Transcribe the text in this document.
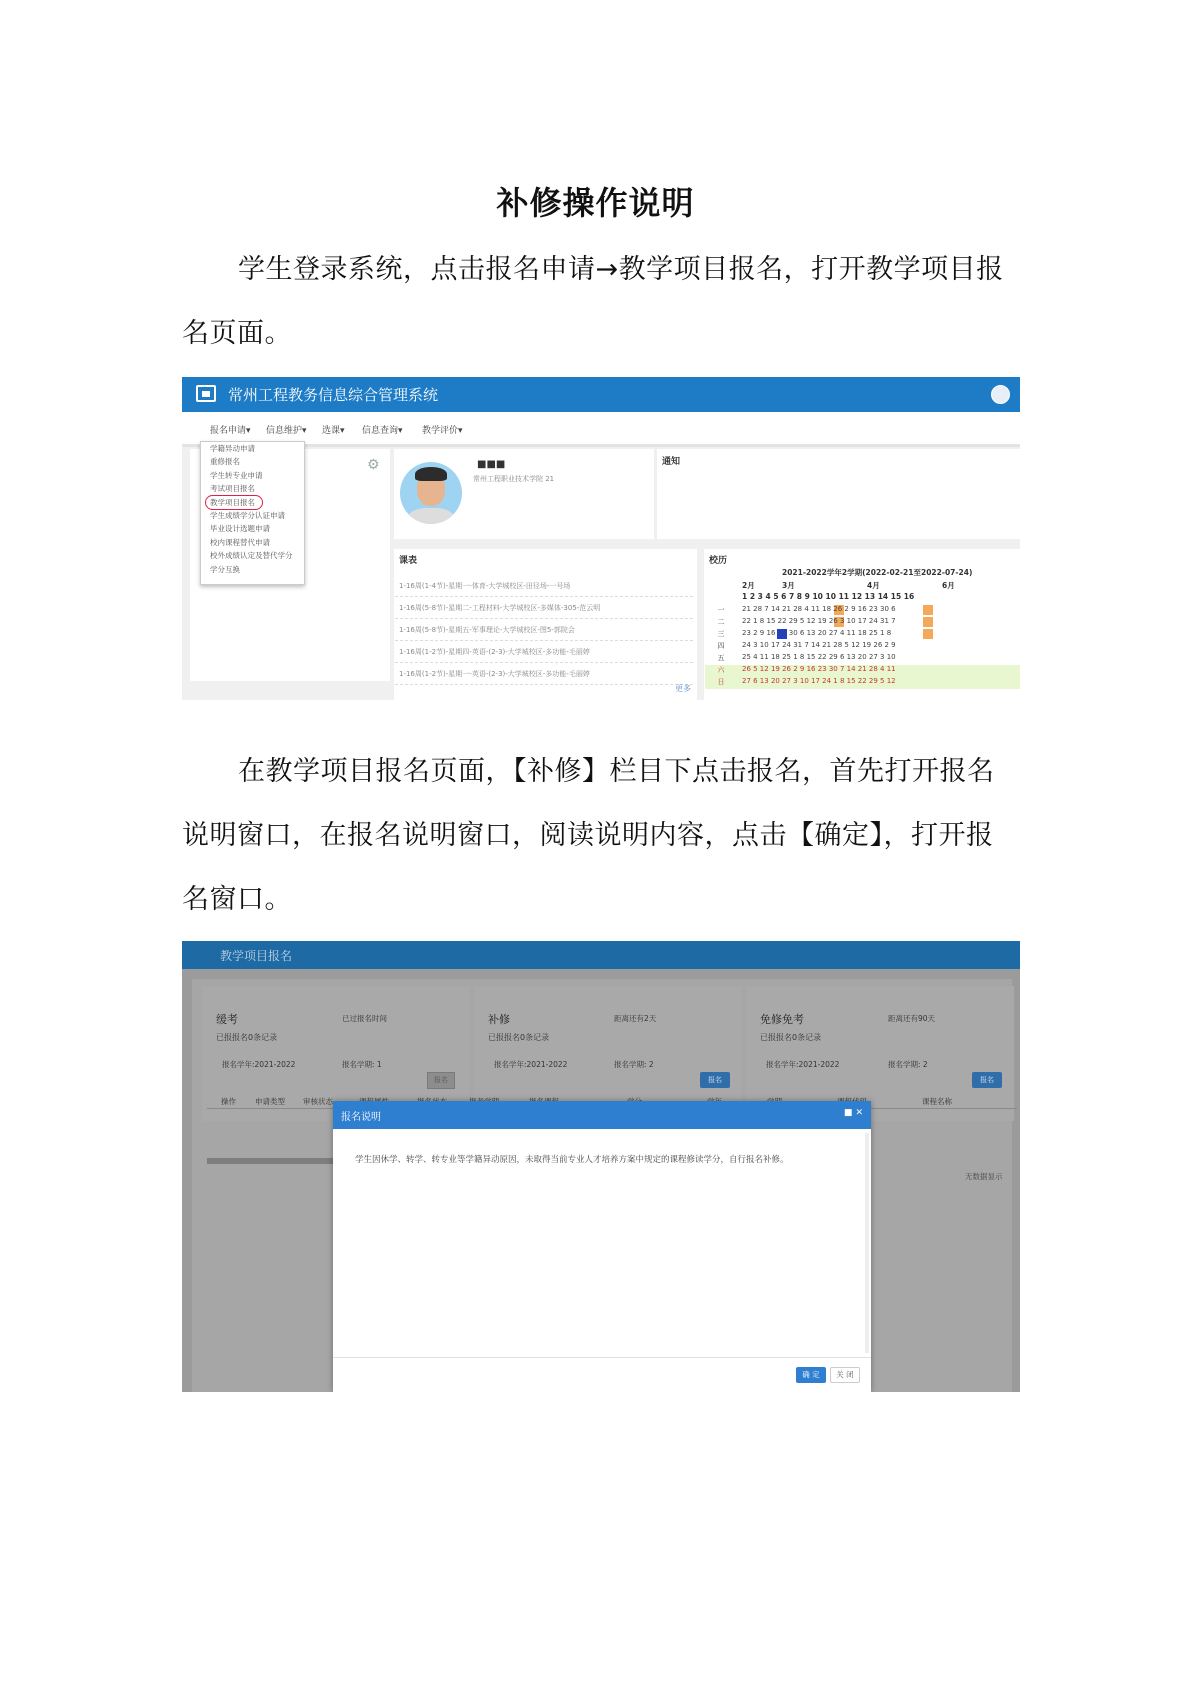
补修操作说明
学生登录系统，点击报名申请→教学项目报名，打开教学项目报名页面。
常州工程教务信息综合管理系统
报名申请▾ 信息维护▾ 选课▾ 信息查询▾ 教学评价▾
⚙
学籍异动申请
重修报名
学生转专业申请
考试项目报名
教学项目报名
学生成绩学分认证申请
毕业设计选题申请
校内课程替代申请
校外成绩认定及替代学分
学分互换
■■■
常州工程职业技术学院 21
通知
课表
1-16周(1-4节)-星期一-体育-大学城校区-田径场-一号场
1-16周(5-8节)-星期二-工程材料-大学城校区-多媒体-305-范云明
1-16周(5-8节)-星期五-军事理论-大学城校区-图5-郭院会
1-16周(1-2节)-星期四-英语-(2-3)-大学城校区-多功能-毛丽婷
1-16周(1-2节)-星期一-英语-(2-3)-大学城校区-多功能-毛丽婷
更多
校历
2021-2022学年2学期(2022-02-21至2022-07-24)
2月	3月	4月	6月
1 2 3 4 5 6 7 8 9 10 10 11 12 13 14 15 16
一	21 28 7 14 21 28 4 11 18 26 2 9 16 23 30 6
二	22 1 8 15 22 29 5 12 19 26 3 10 17 24 31 7
三	23 2 9 16 23 30 6 13 20 27 4 11 18 25 1 8
四	24 3 10 17 24 31 7 14 21 28 5 12 19 26 2 9
五	25 4 11 18 25 1 8 15 22 29 6 13 20 27 3 10
六	26 5 12 19 26 2 9 16 23 30 7 14 21 28 4 11
日	27 6 13 20 27 3 10 17 24 1 8 15 22 29 5 12
在教学项目报名页面，【补修】栏目下点击报名，首先打开报名说明窗口，在报名说明窗口，阅读说明内容，点击【确定】，打开报名窗口。
教学项目报名
缓考	已过报名时间
已报报名0条记录
报名学年:2021-2022	报名学期: 1
报名
补修	距离还有2天
已报报名0条记录
报名学年:2021-2022	报名学期: 2
报名
免修免考	距离还有90天
已报报名0条记录
报名学年:2021-2022	报名学期: 2
报名
操作	申请类型 审核状态	课程名称
无数据显示
报名说明	■ ✕
学生因休学、转学、转专业等学籍异动原因，未取得当前专业人才培养方案中规定的课程修读学分，自行报名补修。
确 定	关 闭
